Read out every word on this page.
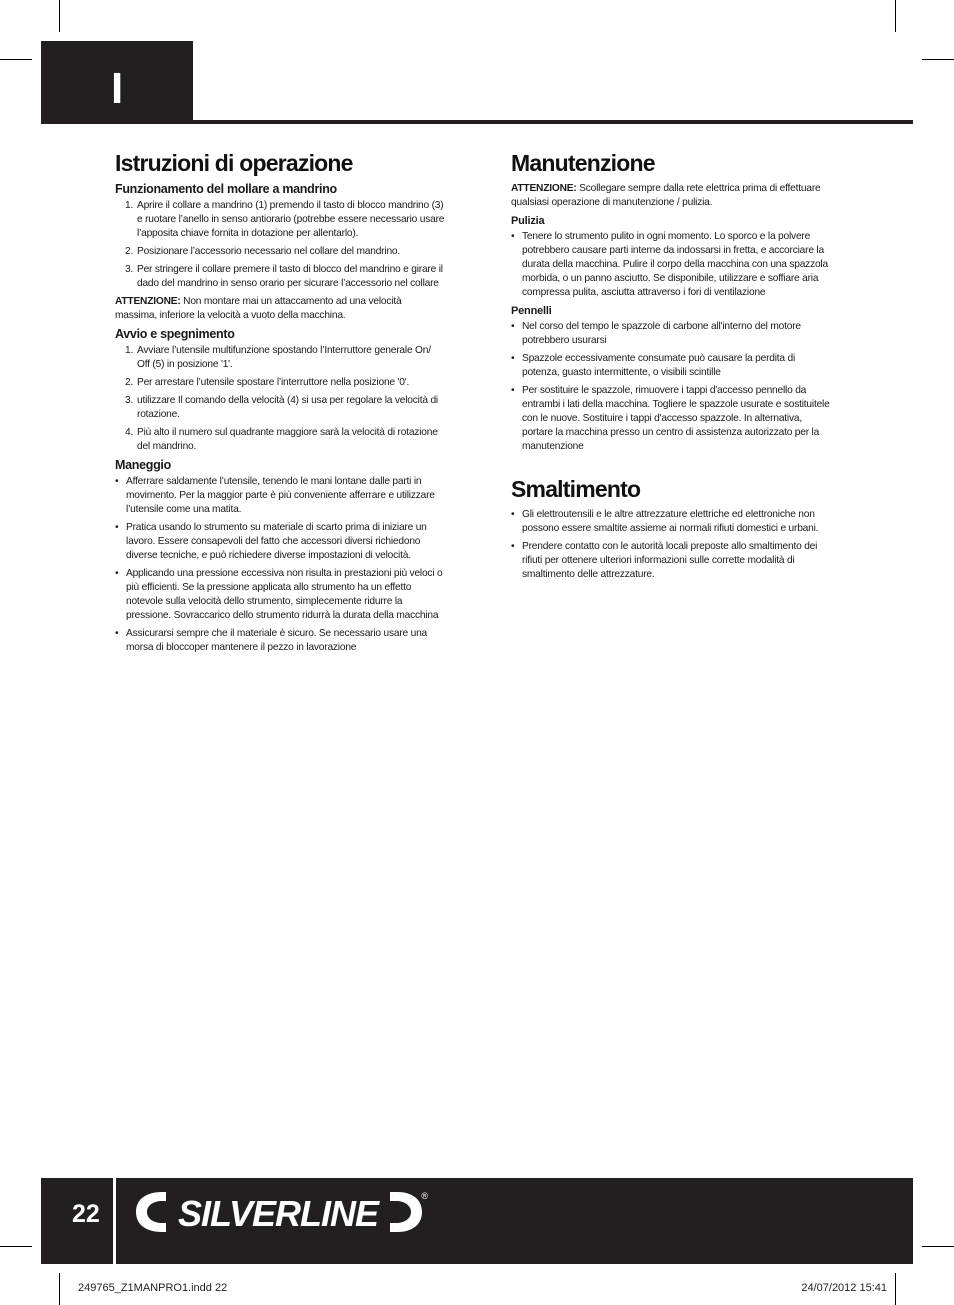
I
Istruzioni di operazione
Funzionamento del mollare a mandrino
1. Aprire il collare a mandrino (1) premendo il tasto di blocco mandrino (3) e ruotare l’anello in senso antiorario (potrebbe essere necessario usare l’apposita chiave fornita in dotazione per allentarlo).
2. Posizionare l’accessorio necessario nel collare del mandrino.
3. Per stringere il collare premere il tasto di blocco del mandrino e girare il dado del mandrino in senso orario per sicurare l’accessorio nel collare

ATTENZIONE: Non montare mai un attaccamento ad una velocità massima, inferiore la velocità a vuoto della macchina.

Avvio e spegnimento
1. Avviare l’utensile multifunzione spostando l’Interruttore generale On/ Off (5) in posizione '1'.
2. Per arrestare l’utensile spostare l’interruttore nella posizione '0'.
3. utilizzare Il comando della velocità (4) si usa per regolare la velocità di rotazione.
4. Più alto il numero sul quadrante maggiore sarà la velocità di rotazione del mandrino.
Maneggio
• Afferrare saldamente l’utensile, tenendo le mani lontane dalle parti in movimento. Per la maggior parte è più conveniente afferrare e utilizzare l’utensile come una matita.
• Pratica usando lo strumento su materiale di scarto prima di iniziare un lavoro. Essere consapevoli del fatto che accessori diversi richiedono diverse tecniche, e può richiedere diverse impostazioni di velocità.
• Applicando una pressione eccessiva non risulta in prestazioni più veloci o più efficienti. Se la pressione applicata allo strumento ha un effetto notevole sulla velocità dello strumento, simplecemente ridurre la pressione. Sovraccarico dello strumento ridurrà la durata della macchina
• Assicurarsi sempre che il materiale è sicuro. Se necessario usare una morsa di bloccoper mantenere il pezzo in lavorazione
Manutenzione

ATTENZIONE: Scollegare sempre dalla rete elettrica prima di effettuare qualsiasi operazione di manutenzione / pulizia.

Pulizia
• Tenere lo strumento pulito in ogni momento. Lo sporco e la polvere potrebbero causare parti interne da indossarsi in fretta, e accorciare la durata della macchina. Pulire il corpo della macchina con una spazzola morbida, o un panno asciutto. Se disponibile, utilizzare e soffiare aria compressa pulita, asciutta attraverso i fori di ventilazione
Pennelli
• Nel corso del tempo le spazzole di carbone all'interno del motore potrebbero usurarsi
• Spazzole eccessivamente consumate può causare la perdita di potenza, guasto intermittente, o visibili scintille
• Per sostituire le spazzole, rimuovere i tappi d'accesso pennello da entrambi i lati della macchina. Togliere le spazzole usurate e sostituitele con le nuove. Sostituire i tappi d'accesso spazzole. In alternativa, portare la macchina presso un centro di assistenza autorizzato per la manutenzione
Smaltimento
• Gli elettroutensili e le altre attrezzature elettriche ed elettroniche non possono essere smaltite assieme ai normali rifiuti domestici e urbani.
• Prendere contatto con le autorità locali preposte allo smaltimento dei rifiuti per ottenere ulteriori informazioni sulle corrette modalità di smaltimento delle attrezzature.
22 SILVERLINE	®
249765_Z1MANPRO1.indd 22	24/07/2012 15:41
